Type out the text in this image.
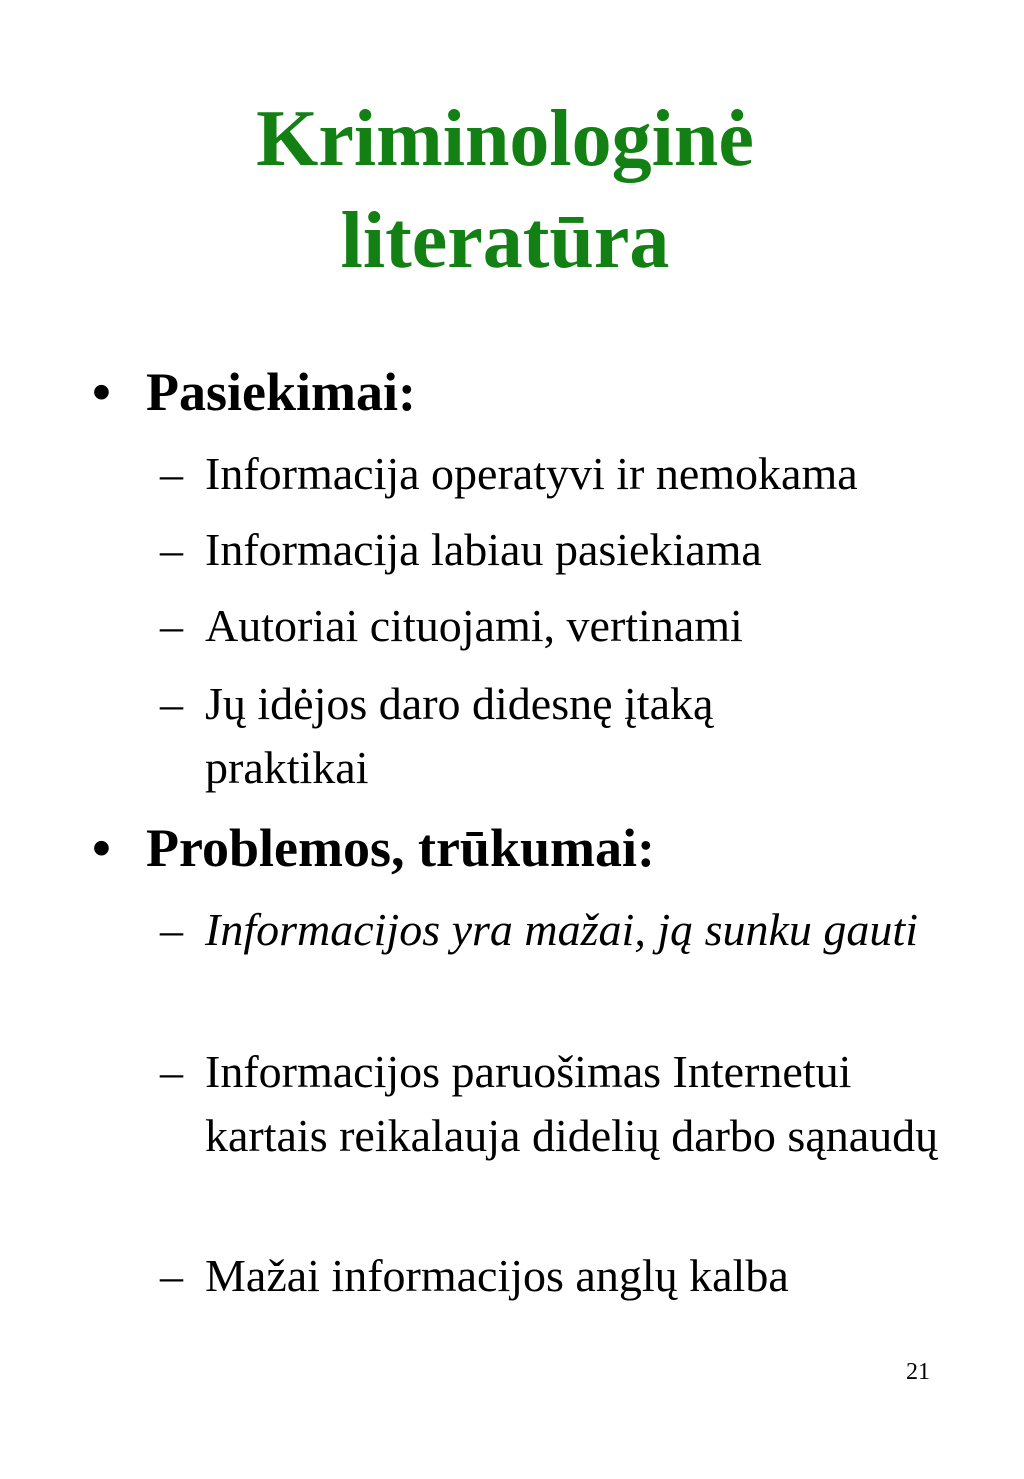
Kriminologinė
literatūra
• Pasiekimai:
– Informacija operatyvi ir nemokama
– Informacija labiau pasiekiama
– Autoriai cituojami, vertinami
– Jų idėjos daro didesnę įtaką praktikai
• Problemos, trūkumai:
– Informacijos yra mažai, ją sunku gauti
– Informacijos paruošimas Internetui kartais reikalauja didelių darbo sąnaudų
– Mažai informacijos anglų kalba
21
